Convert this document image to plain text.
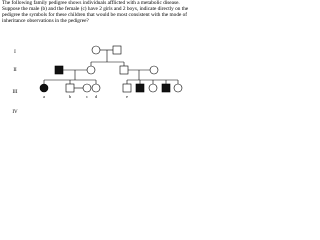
The following family pedigree shows individuals afflicted with a metabolic disease. Suppose the male (b) and the female (c) have 2 girls and 2 boys, indicate directly on the pedigree the symbols for these children that would be most consistent with the mode of inheritance observations in the pedigree?

I
II
III
IV
a	b	c d	e
